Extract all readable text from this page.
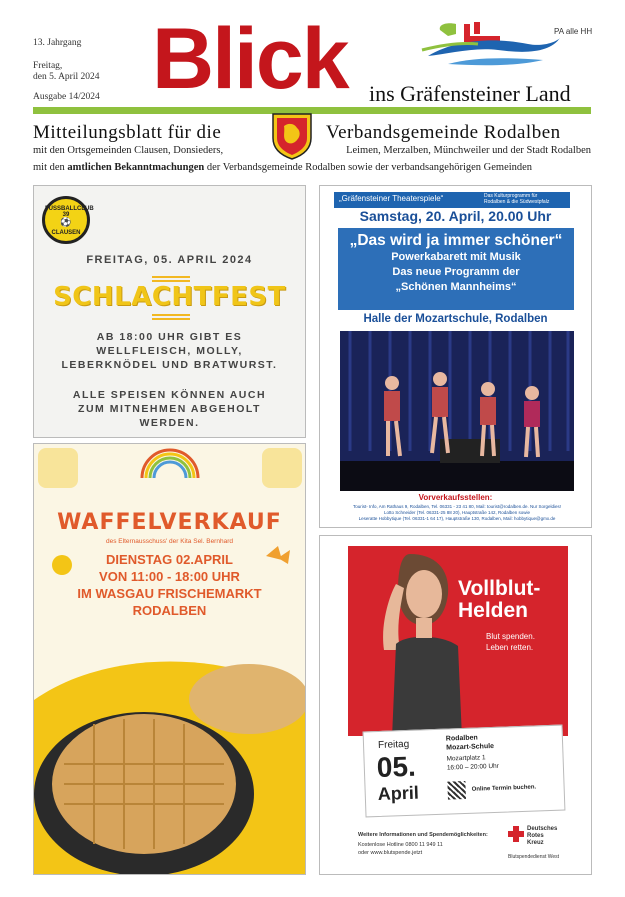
13. Jahrgang
Freitag,
den 5. April 2024
Ausgabe 14/2024 Blick ins Gräfensteiner Land
PA alle HH
Mitteilungsblatt für die	Verbandsgemeinde Rodalben
mit den Ortsgemeinden Clausen, Donsieders,	Leimen, Merzalben, Münchweiler und der Stadt Rodalben
mit den amtlichen Bekanntmachungen der Verbandsgemeinde Rodalben sowie der verbandsangehörigen Gemeinden
FUSSBALLCLUB 39
⚽
CLAUSEN
FREITAG, 05. APRIL 2024
SCHLACHTFEST
AB 18:00 UHR GIBT ES
WELLFLEISCH, MOLLY,
LEBERKNÖDEL UND BRATWURST.
ALLE SPEISEN KÖNNEN AUCH
ZUM MITNEHMEN ABGEHOLT
WERDEN.
„Gräfensteiner Theaterspiele“	Das Kulturprogramm für
Rodalben & die Südwestpfalz
Samstag, 20. April, 20.00 Uhr
„Das wird ja immer schöner“
Powerkabarett mit Musik
Das neue Programm der
„Schönen Mannheims“
Halle der Mozartschule, Rodalben
Vorverkaufsstellen:
Tourist- Info, Am Rathaus 9, Rodalben, Tel. 06331 - 23 41 80, Mail: tourist@rodalben.de. Nur Sorgeldies!
Lotto Schneider (Tel. 06331-25 88 20), Hauptstraße 142, Rodalben sowie
Leseratte Hobbytique (Tel. 06331-1 64 17), Hauptstraße 130, Rodalben, Mail: hobbytique@gmx.de
WAFFELVERKAUF
des Elternausschuss' der Kita Sel. Bernhard
DIENSTAG 02.APRIL
VON 11:00 - 18:00 UHR
IM WASGAU FRISCHEMARKT
RODALBEN
Vollblut-
Helden
Blut spenden.
Leben retten.
Freitag
05.
April
Rodalben
Mozart-Schule
Mozartplatz 1
16:00 – 20:00 Uhr
Online Termin buchen.
Weitere Informationen und Spendemöglichkeiten:
Kostenlose Hotline 0800 11 949 11
oder www.blutspende.jetzt
Deutsches
Rotes
Kreuz
Blutspendedienst West
